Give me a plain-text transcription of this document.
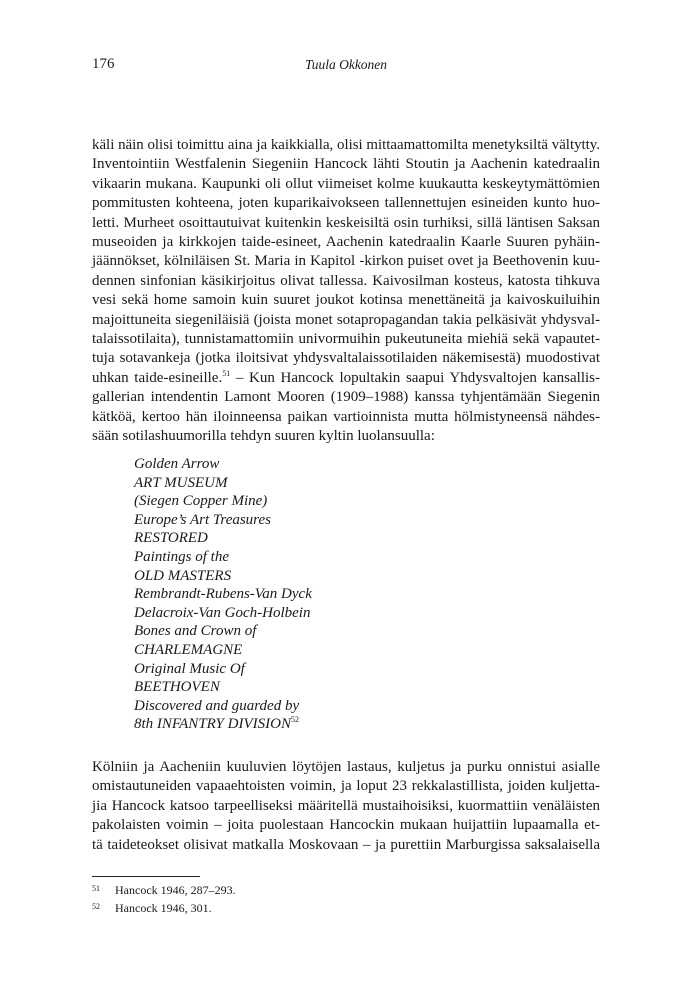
176	Tuula Okkonen
käli näin olisi toimittu aina ja kaikkialla, olisi mittaamattomilta menetyksiltä vältytty.
Inventointiin Westfalenin Siegeniin Hancock lähti Stoutin ja Aachenin katedraalin
vikaarin mukana. Kaupunki oli ollut viimeiset kolme kuukautta keskeytymättömien
pommitusten kohteena, joten kuparikaivokseen tallennettujen esineiden kunto huo-
letti. Murheet osoittautuivat kuitenkin keskeisiltä osin turhiksi, sillä läntisen Saksan
museoiden ja kirkkojen taide-esineet, Aachenin katedraalin Kaarle Suuren pyhäin-
jäännökset, kölniläisen St. Maria in Kapitol -kirkon puiset ovet ja Beethovenin kuu-
dennen sinfonian käsikirjoitus olivat tallessa. Kaivosilman kosteus, katosta tihkuva
vesi sekä home samoin kuin suuret joukot kotinsa menettäneitä ja kaivoskuiluihin
majoittuneita siegeniläisiä (joista monet sotapropagandan takia pelkäsivät yhdysval-
talaissotilaita), tunnistamattomiin univormuihin pukeutuneita miehiä sekä vapautet-
tuja sotavankeja (jotka iloitsivat yhdysvaltalaissotilaiden näkemisestä) muodostivat
uhkan taide-esineille.$^{51}$ – Kun Hancock lopultakin saapui Yhdysvaltojen kansallis-
gallerian intendentin Lamont Mooren (1909–1988) kanssa tyhjentämään Siegenin
kätköä, kertoo hän iloinneensa paikan vartioinnista mutta hölmistyneensä nähdes-
sään sotilashuumorilla tehdyn suuren kyltin luolansuulla:
Golden Arrow
ART MUSEUM
(Siegen Copper Mine)
Europe’s Art Treasures
RESTORED
Paintings of the
OLD MASTERS
Rembrandt-Rubens-Van Dyck
Delacroix-Van Goch-Holbein
Bones and Crown of
CHARLEMAGNE
Original Music Of
BEETHOVEN
Discovered and guarded by
8th INFANTRY DIVISION$^{52}$
Kölniin ja Aacheniin kuuluvien löytöjen lastaus, kuljetus ja purku onnistui asialle
omistautuneiden vapaaehtoisten voimin, ja loput 23 rekkalastillista, joiden kuljetta-
jia Hancock katsoo tarpeelliseksi määritellä mustaihoisiksi, kuormattiin venäläisten
pakolaisten voimin – joita puolestaan Hancockin mukaan huijattiin lupaamalla et-
tä taideteokset olisivat matkalla Moskovaan – ja purettiin Marburgissa saksalaisella
51 Hancock 1946, 287–293.
52 Hancock 1946, 301.
